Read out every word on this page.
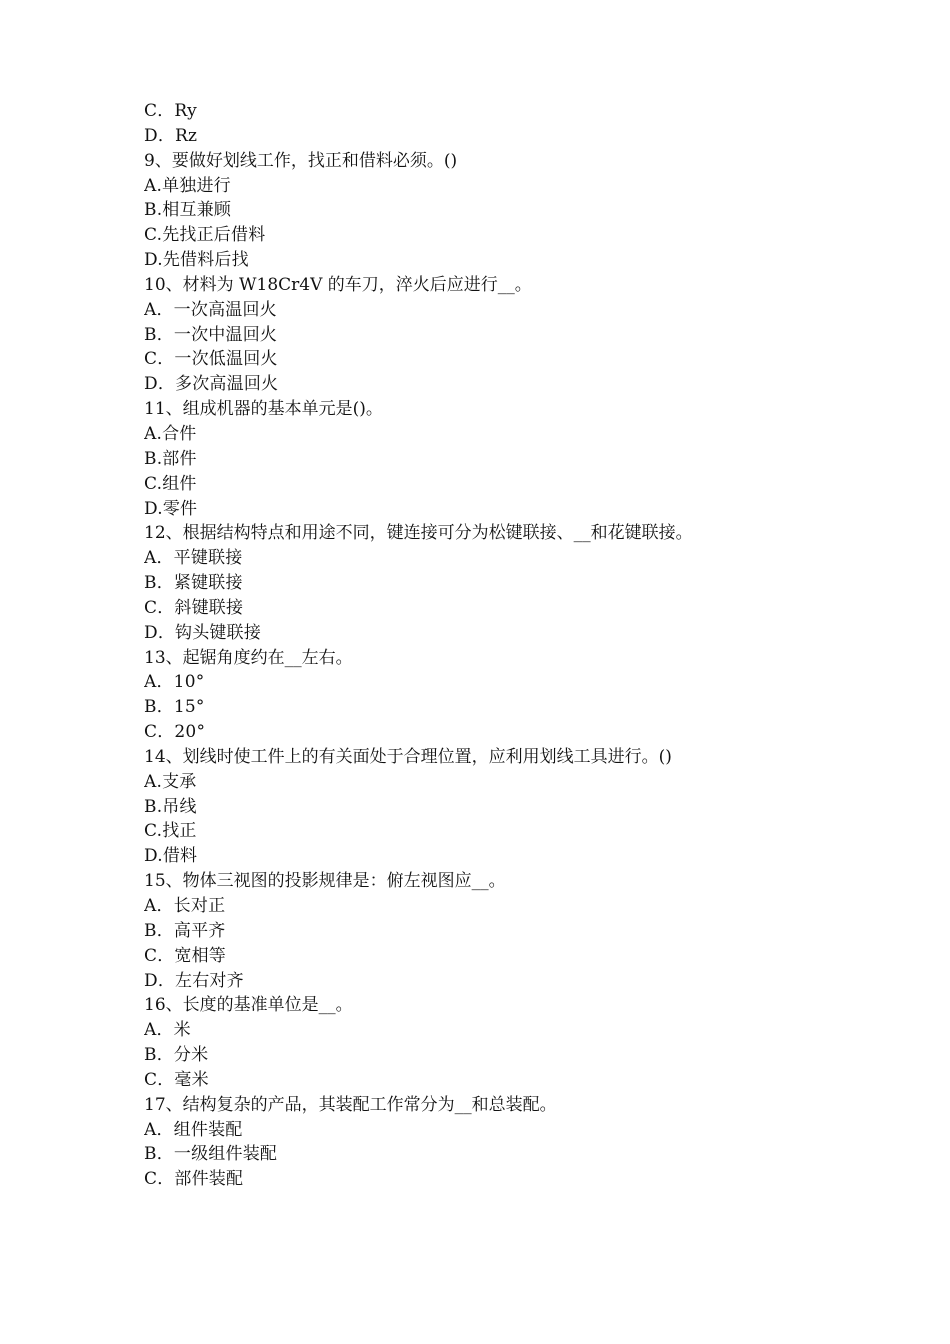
C．Ry
D．Rz
9、要做好划线工作，找正和借料必须。()
A.单独进行
B.相互兼顾
C.先找正后借料
D.先借料后找
10、材料为 W18Cr4V 的车刀，淬火后应进行__。
A．一次高温回火
B．一次中温回火
C．一次低温回火
D．多次高温回火
11、组成机器的基本单元是()。
A.合件
B.部件
C.组件
D.零件
12、根据结构特点和用途不同，键连接可分为松键联接、__和花键联接。
A．平键联接
B．紧键联接
C．斜键联接
D．钩头键联接
13、起锯角度约在__左右。
A．10°
B．15°
C．20°
14、划线时使工件上的有关面处于合理位置，应利用划线工具进行。()
A.支承
B.吊线
C.找正
D.借料
15、物体三视图的投影规律是：俯左视图应__。
A．长对正
B．高平齐
C．宽相等
D．左右对齐
16、长度的基准单位是__。
A．米
B．分米
C．毫米
17、结构复杂的产品，其装配工作常分为__和总装配。
A．组件装配
B．一级组件装配
C．部件装配
